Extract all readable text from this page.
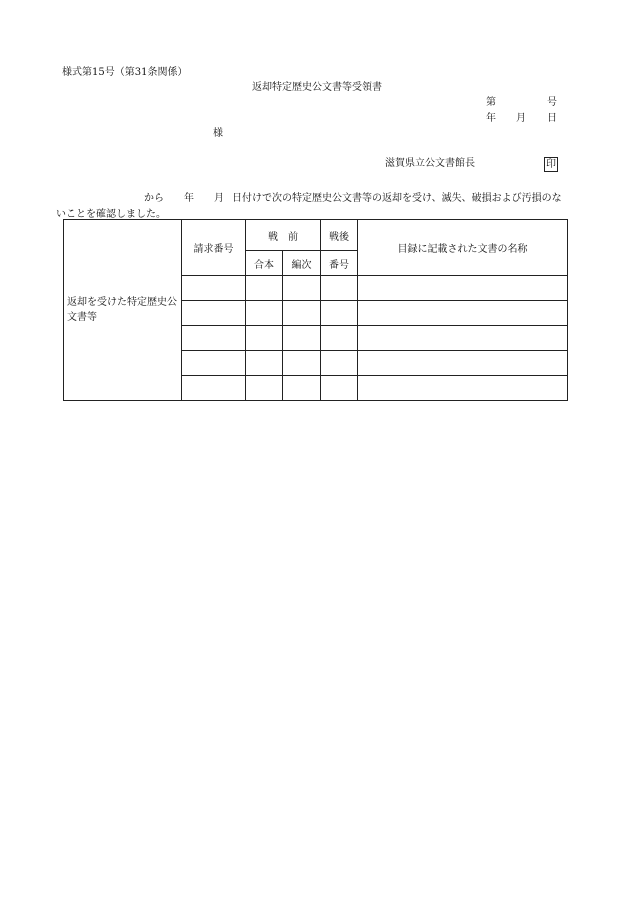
様式第15号（第31条関係）
返却特定歴史公文書等受領書
第	号
年 月 日
様
滋賀県立公文書館長	印
から 年 月 日付けで次の特定歴史公文書等の返却を受け、滅失、破損および汚損のな
いことを確認しました。
返却を受けた特定歴史公文書等	請求番号	戦　前		戦後	目録に記載された文書の名称
		合本	編次	番号	
